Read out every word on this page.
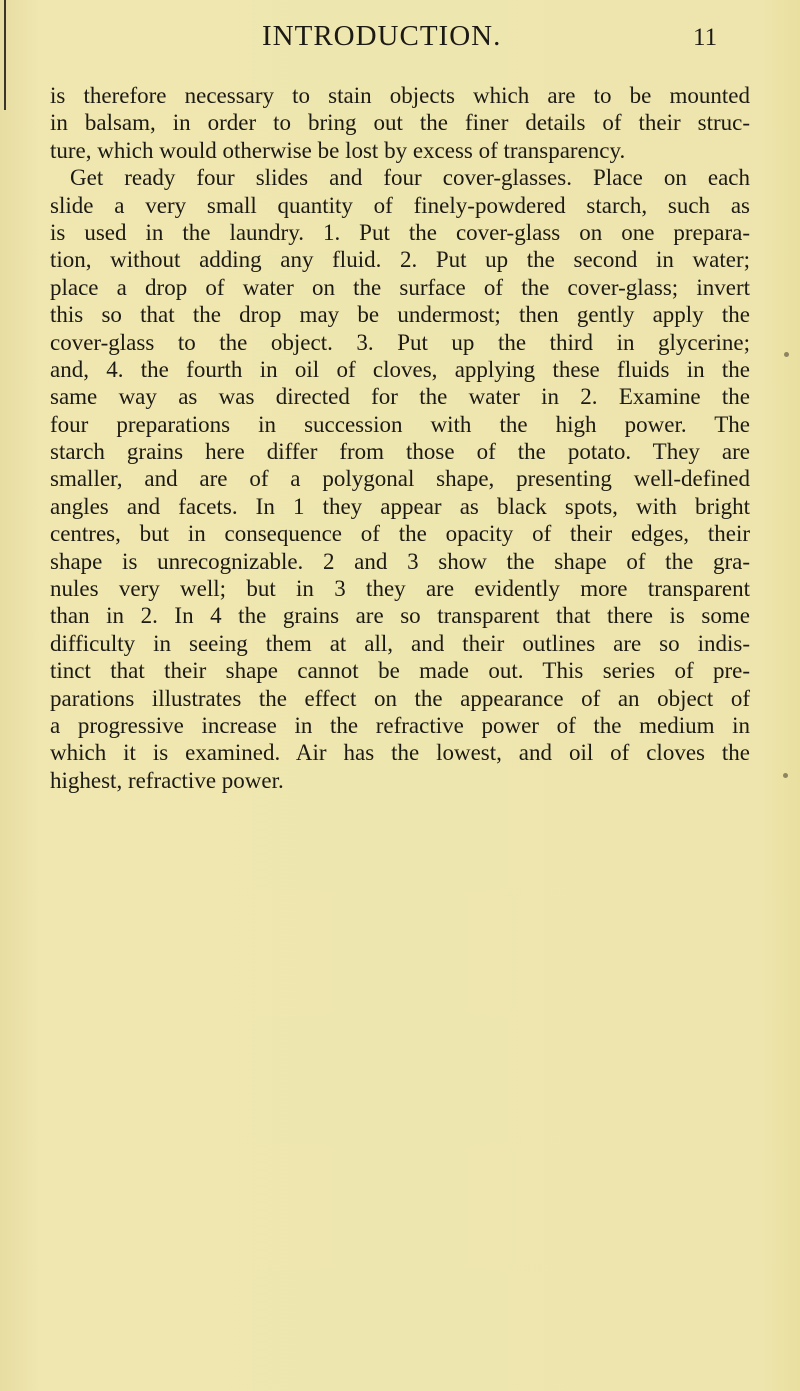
INTRODUCTION.	11
is therefore necessary to stain objects which are to be mounted
in balsam, in order to bring out the finer details of their struc-
ture, which would otherwise be lost by excess of transparency.
Get ready four slides and four cover-glasses. Place on each
slide a very small quantity of finely-powdered starch, such as
is used in the laundry. 1. Put the cover-glass on one prepara-
tion, without adding any fluid. 2. Put up the second in water;
place a drop of water on the surface of the cover-glass; invert
this so that the drop may be undermost; then gently apply the
cover-glass to the object. 3. Put up the third in glycerine;
and, 4. the fourth in oil of cloves, applying these fluids in the
same way as was directed for the water in 2. Examine the
four preparations in succession with the high power. The
starch grains here differ from those of the potato. They are
smaller, and are of a polygonal shape, presenting well-defined
angles and facets. In 1 they appear as black spots, with bright
centres, but in consequence of the opacity of their edges, their
shape is unrecognizable. 2 and 3 show the shape of the gra-
nules very well; but in 3 they are evidently more transparent
than in 2. In 4 the grains are so transparent that there is some
difficulty in seeing them at all, and their outlines are so indis-
tinct that their shape cannot be made out. This series of pre-
parations illustrates the effect on the appearance of an object of
a progressive increase in the refractive power of the medium in
which it is examined. Air has the lowest, and oil of cloves the
highest, refractive power.
